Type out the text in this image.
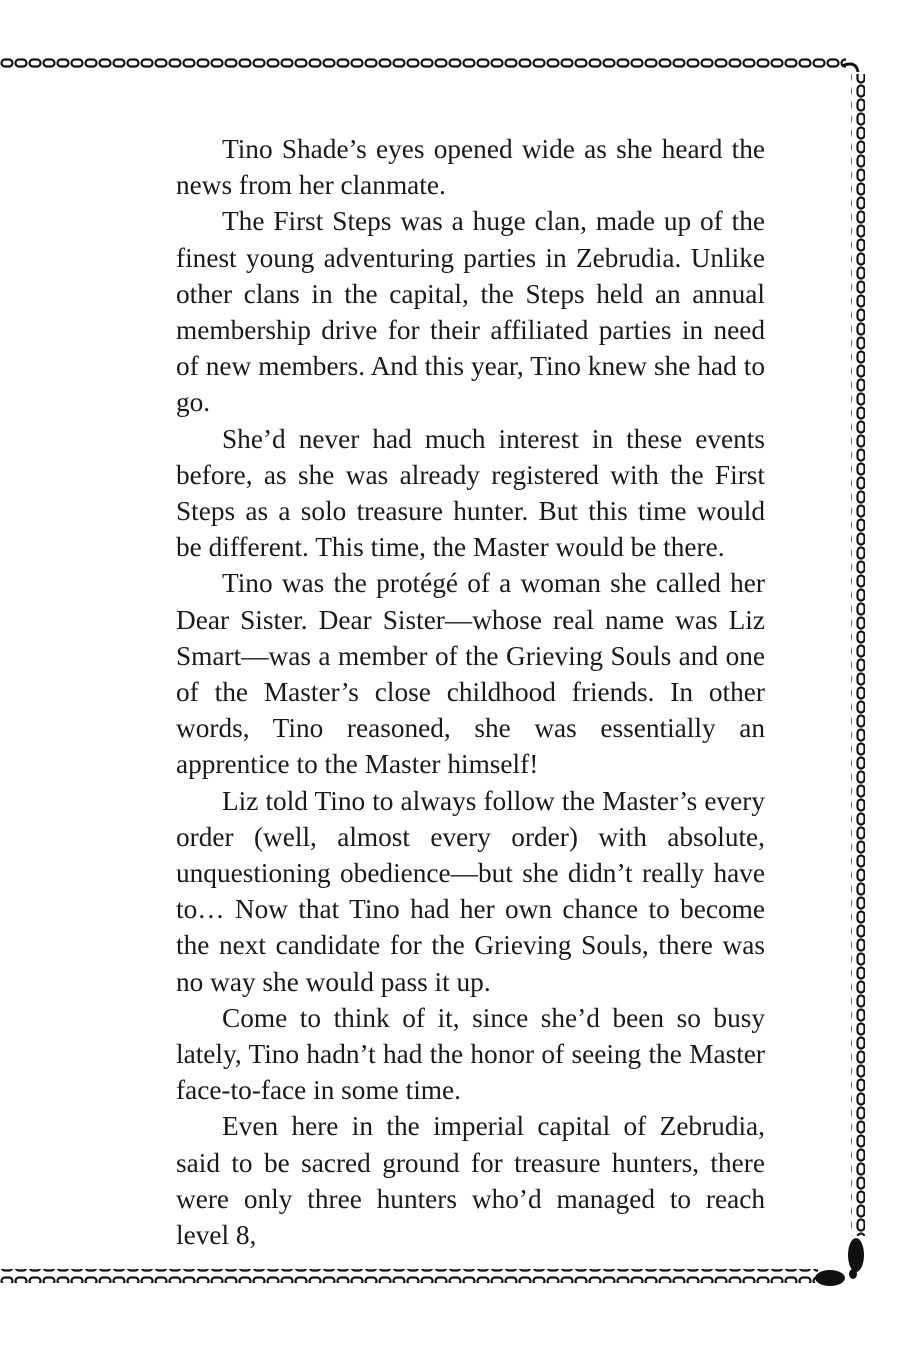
Tino Shade’s eyes opened wide as she heard the news from her clanmate.

The First Steps was a huge clan, made up of the finest young adventuring parties in Zebrudia. Unlike other clans in the capital, the Steps held an annual membership drive for their affiliated parties in need of new members. And this year, Tino knew she had to go.

She’d never had much interest in these events before, as she was already registered with the First Steps as a solo treasure hunter. But this time would be different. This time, the Master would be there.

Tino was the protégé of a woman she called her Dear Sister. Dear Sister—whose real name was Liz Smart—was a member of the Grieving Souls and one of the Master’s close childhood friends. In other words, Tino reasoned, she was essentially an apprentice to the Master himself!

Liz told Tino to always follow the Master’s every order (well, almost every order) with absolute, unquestioning obedience—but she didn’t really have to… Now that Tino had her own chance to become the next candidate for the Grieving Souls, there was no way she would pass it up.

Come to think of it, since she’d been so busy lately, Tino hadn’t had the honor of seeing the Master face-to-face in some time.

Even here in the imperial capital of Zebrudia, said to be sacred ground for treasure hunters, there were only three hunters who’d managed to reach level 8,
